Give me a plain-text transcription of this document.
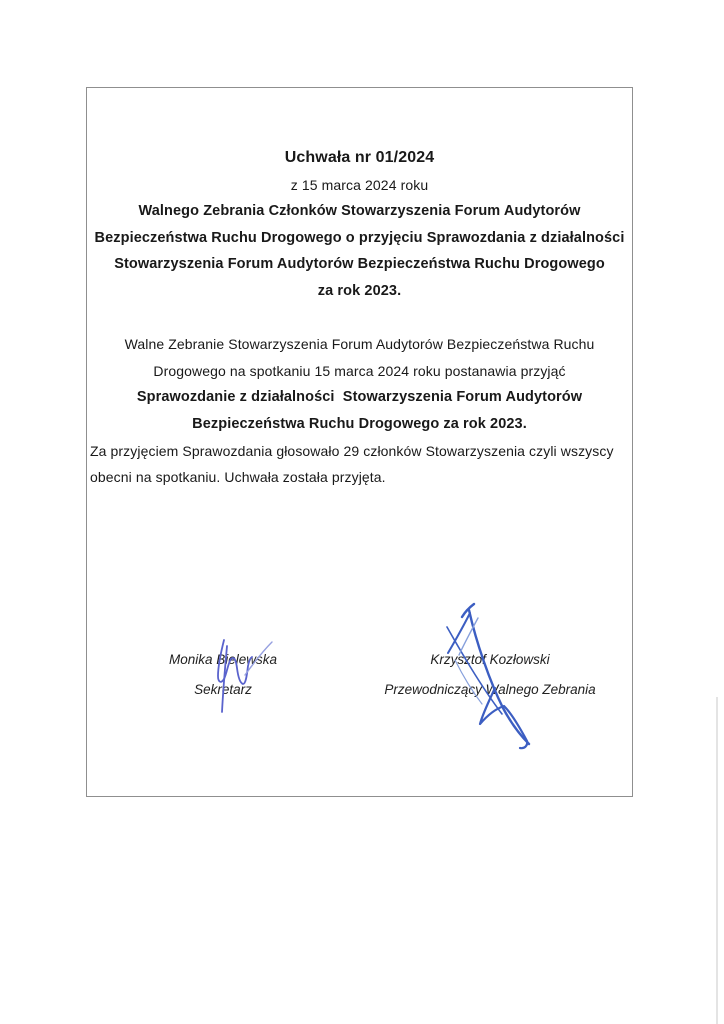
Uchwała nr 01/2024
z 15 marca 2024 roku
Walnego Zebrania Członków Stowarzyszenia Forum Audytorów
Bezpieczeństwa Ruchu Drogowego o przyjęciu Sprawozdania z działalności
Stowarzyszenia Forum Audytorów Bezpieczeństwa Ruchu Drogowego
za rok 2023.
Walne Zebranie Stowarzyszenia Forum Audytorów Bezpieczeństwa Ruchu
Drogowego na spotkaniu 15 marca 2024 roku postanawia przyjąć
Sprawozdanie z działalności  Stowarzyszenia Forum Audytorów
Bezpieczeństwa Ruchu Drogowego za rok 2023.
Za przyjęciem Sprawozdania głosowało 29 członków Stowarzyszenia czyli wszyscy
obecni na spotkaniu. Uchwała została przyjęta.
Monika Bielewska
Sekretarz
Krzysztof Kozłowski
Przewodniczący Walnego Zebrania
